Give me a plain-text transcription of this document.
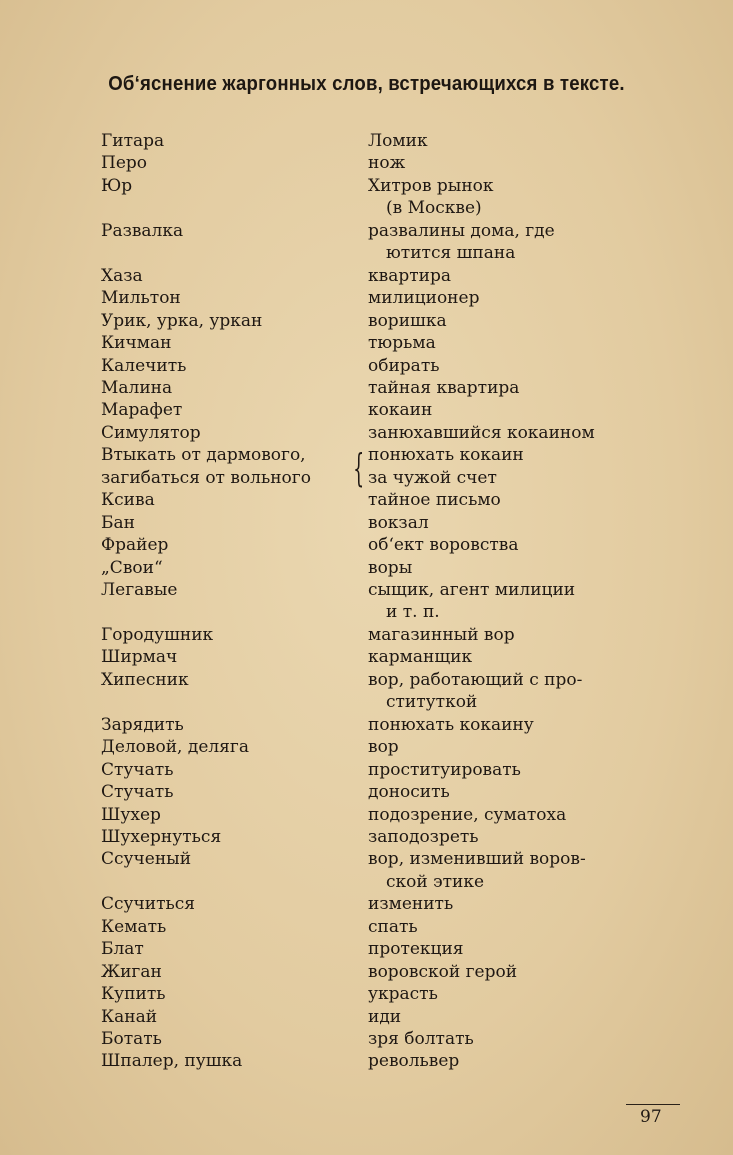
Об‘яснение жаргонных слов, встречающихся в тексте.
Гитара	Ломик
Перо	нож
Юр	Хитров рынок
(в Москве)
Развалка	развалины дома, где
ютится шпана
Хаза	квартира
Мильтон	милиционер
Урик, урка, уркан	воришка
Кичман	тюрьма
Калечить	обирать
Малина	тайная квартира
Марафет	кокаин
Симулятор	занюхавшийся кокаином
Втыкать от дармового,	понюхать кокаин
загибаться от вольного	за чужой счет
Ксива	тайное письмо
Бан	вокзал
Фрайер	об‘ект воровства
„Свои“	воры
Легавые	сыщик, агент милиции
и т. п.
Городушник	магазинный вор
Ширмач	карманщик
Хипесник	вор, работающий с про-
ституткой
Зарядить	понюхать кокаину
Деловой, деляга	вор
Стучать	проституировать
Стучать	доносить
Шухер	подозрение, суматоха
Шухернуться	заподозреть
Ссученый	вор, изменивший воров-
ской этике
Ссучиться	изменить
Кемать	спать
Блат	протекция
Жиган	воровской герой
Купить	украсть
Канай	иди
Ботать	зря болтать
Шпалер, пушка	револьвер
{
97
